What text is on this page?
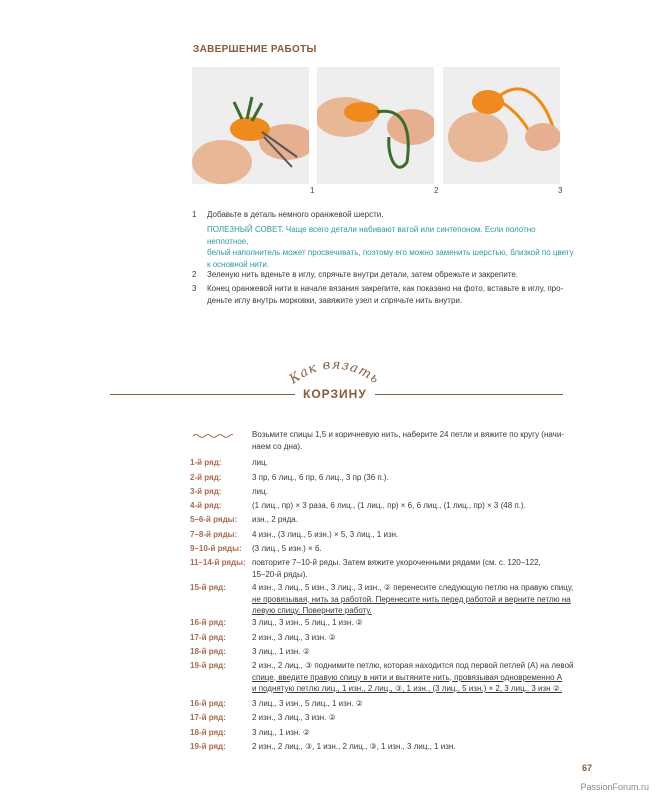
ЗАВЕРШЕНИЕ РАБОТЫ
1	2	3
1 Добавьте в деталь немного оранжевой шерсти.
ПОЛЕЗНЫЙ СОВЕТ. Чаще всего детали набивают ватой или синтепоном. Если полотно неплотное,
белый наполнитель может просвечивать, поэтому его можно заменить шерстью, близкой по цвету
к основной нити.
2 Зеленую нить вденьте в иглу, спрячьте внутри детали, затем обрежьте и закрепите.
3 Конец оранжевой нити в начале вязания закрепите, как показано на фото, вставьте в иглу, про-
деньте иглу внутрь морковки, завяжите узел и спрячьте нить внутри.
Как вязать
КОРЗИНУ
Возьмите спицы 1,5 и коричневую нить, наберите 24 петли и вяжите по кругу (начи-
наем со дна).
1-й ряд:	лиц.
2-й ряд:	3 пр, 6 лиц., 6 пр, 6 лиц., 3 пр (36 п.).
3-й ряд:	лиц.
4-й ряд:	(1 лиц., пр) × 3 раза, 6 лиц., (1 лиц., пр) × 6, 6 лиц., (1 лиц., пр) × 3 (48 п.).
5–6-й ряды: изн., 2 ряда.
7–8-й ряды: 4 изн., (3 лиц., 5 изн.) × 5, 3 лиц., 1 изн.
9–10-й ряды: (3 лиц., 5 изн.) × 6.
11–14-й ряды: повторите 7–10-й ряды. Затем вяжите укороченными рядами (см. с. 120–122,
15–20-й ряды).
15-й ряд:	4 изн., 3 лиц., 5 изн., 3 лиц., 3 изн., ② перенесите следующую петлю на правую спицу,
не провязывая, нить за работой. Перенесите нить перед работой и верните петлю на
левую спицу. Поверните работу.
16-й ряд:	3 лиц., 3 изн., 5 лиц., 1 изн. ②
17-й ряд:	2 изн., 3 лиц., 3 изн. ②
18-й ряд:	3 лиц., 1 изн. ②
19-й ряд:	2 изн., 2 лиц., ③ поднимите петлю, которая находится под первой петлей (А) на левой
спице, введите правую спицу в нити и вытяните нить, провязывая одновременно А
и поднятую петлю лиц., 1 изн., 2 лиц., ③, 1 изн., (3 лиц., 5 изн.) × 2, 3 лиц., 3 изн ②.
16-й ряд:	3 лиц., 3 изн., 5 лиц., 1 изн. ②
17-й ряд:	2 изн., 3 лиц., 3 изн. ②
18-й ряд:	3 лиц., 1 изн. ②
19-й ряд:	2 изн., 2 лиц., ③, 1 изн., 2 лиц., ③, 1 изн., 3 лиц., 1 изн.
67
PassionForum.ru
